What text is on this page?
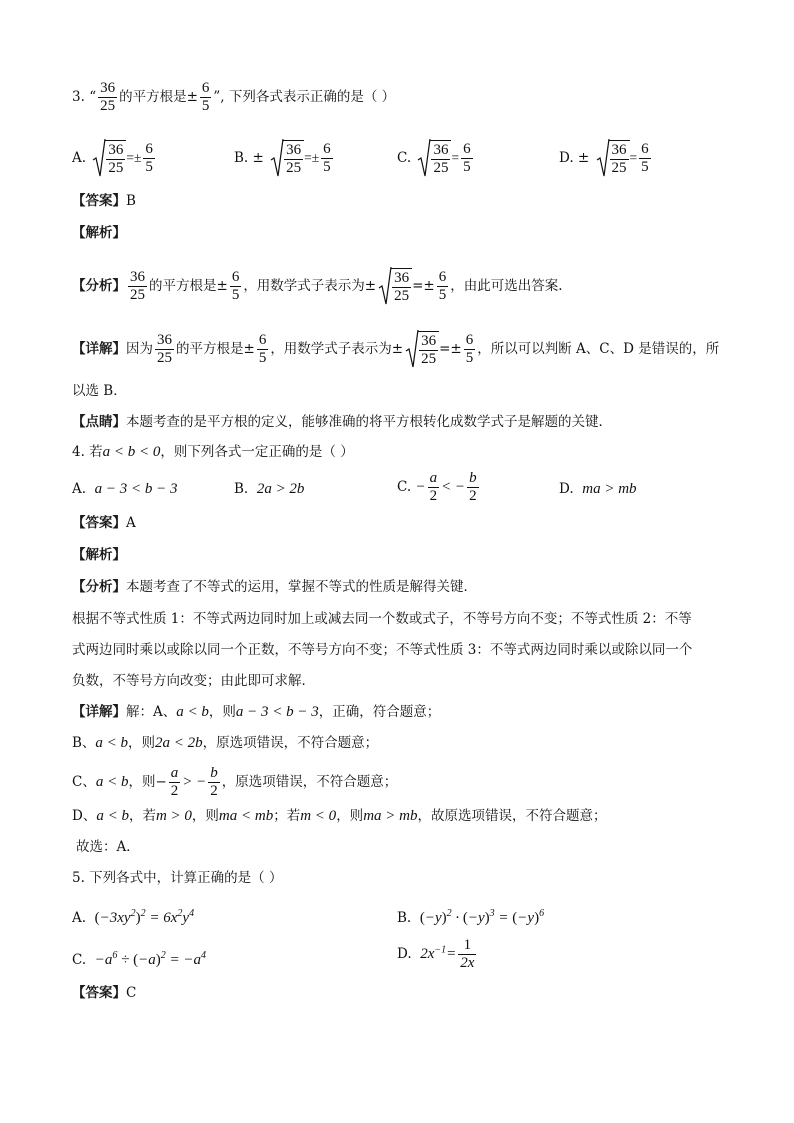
3. “ $\frac{36}{25}$ 的平方根是± $\frac{6}{5}$ ”, 下列各式表示正确的是（ ）
A. $\frac{36}{25} =\pm \frac{6}{5}$	B. ± $\frac{36}{25} =\pm \frac{6}{5}$	C. $\frac{36}{25} = \frac{6}{5}$	D. ± $\frac{36}{25} = \frac{6}{5}$
【答案】B
【解析】
【分析】 $\frac{36}{25}$ 的平方根是± $\frac{6}{5}$ ，用数学式子表示为± $\frac{36}{25} =\pm \frac{6}{5}$ ，由此可选出答案.
【详解】因为 $\frac{36}{25}$ 的平方根是± $\frac{6}{5}$ ，用数学式子表示为± $\frac{36}{25} =\pm \frac{6}{5}$ ，所以可以判断 A、C、D 是错误的，所
以选 B．
【点睛】本题考查的是平方根的定义，能够准确的将平方根转化成数学式子是解题的关键．
4. 若a < b < 0，则下列各式一定正确的是（ ）
A. a − 3 < b − 3	B. 2a > 2b	C. − $\frac{a}{2}$ < − $\frac{b}{2}$	D. ma > mb
【答案】A
【解析】
【分析】本题考查了不等式的运用，掌握不等式的性质是解得关键．
根据不等式性质 1：不等式两边同时加上或减去同一个数或式子，不等号方向不变；不等式性质 2：不等
式两边同时乘以或除以同一个正数，不等号方向不变；不等式性质 3：不等式两边同时乘以或除以同一个
负数，不等号方向改变；由此即可求解．
【详解】解：A、a < b，则a − 3 < b − 3，正确，符合题意；
B、a < b，则2a < 2b，原选项错误，不符合题意；
C、a < b，则− $\frac{a}{2}$ > − $\frac{b}{2}$ ，原选项错误，不符合题意；
D、a < b，若m > 0，则ma < mb；若m < 0，则ma > mb，故原选项错误，不符合题意；
故选：A．
5. 下列各式中，计算正确的是（ ）
A. $(-3xy^2)^2 = 6x^2y^4$	B. $(-y)^2 \cdot (-y)^3 = (-y)^6$
C. $-a^6 \div (-a)^2 = -a^4$	D. $2x^{-1}= \frac{1}{2x}$
【答案】C
